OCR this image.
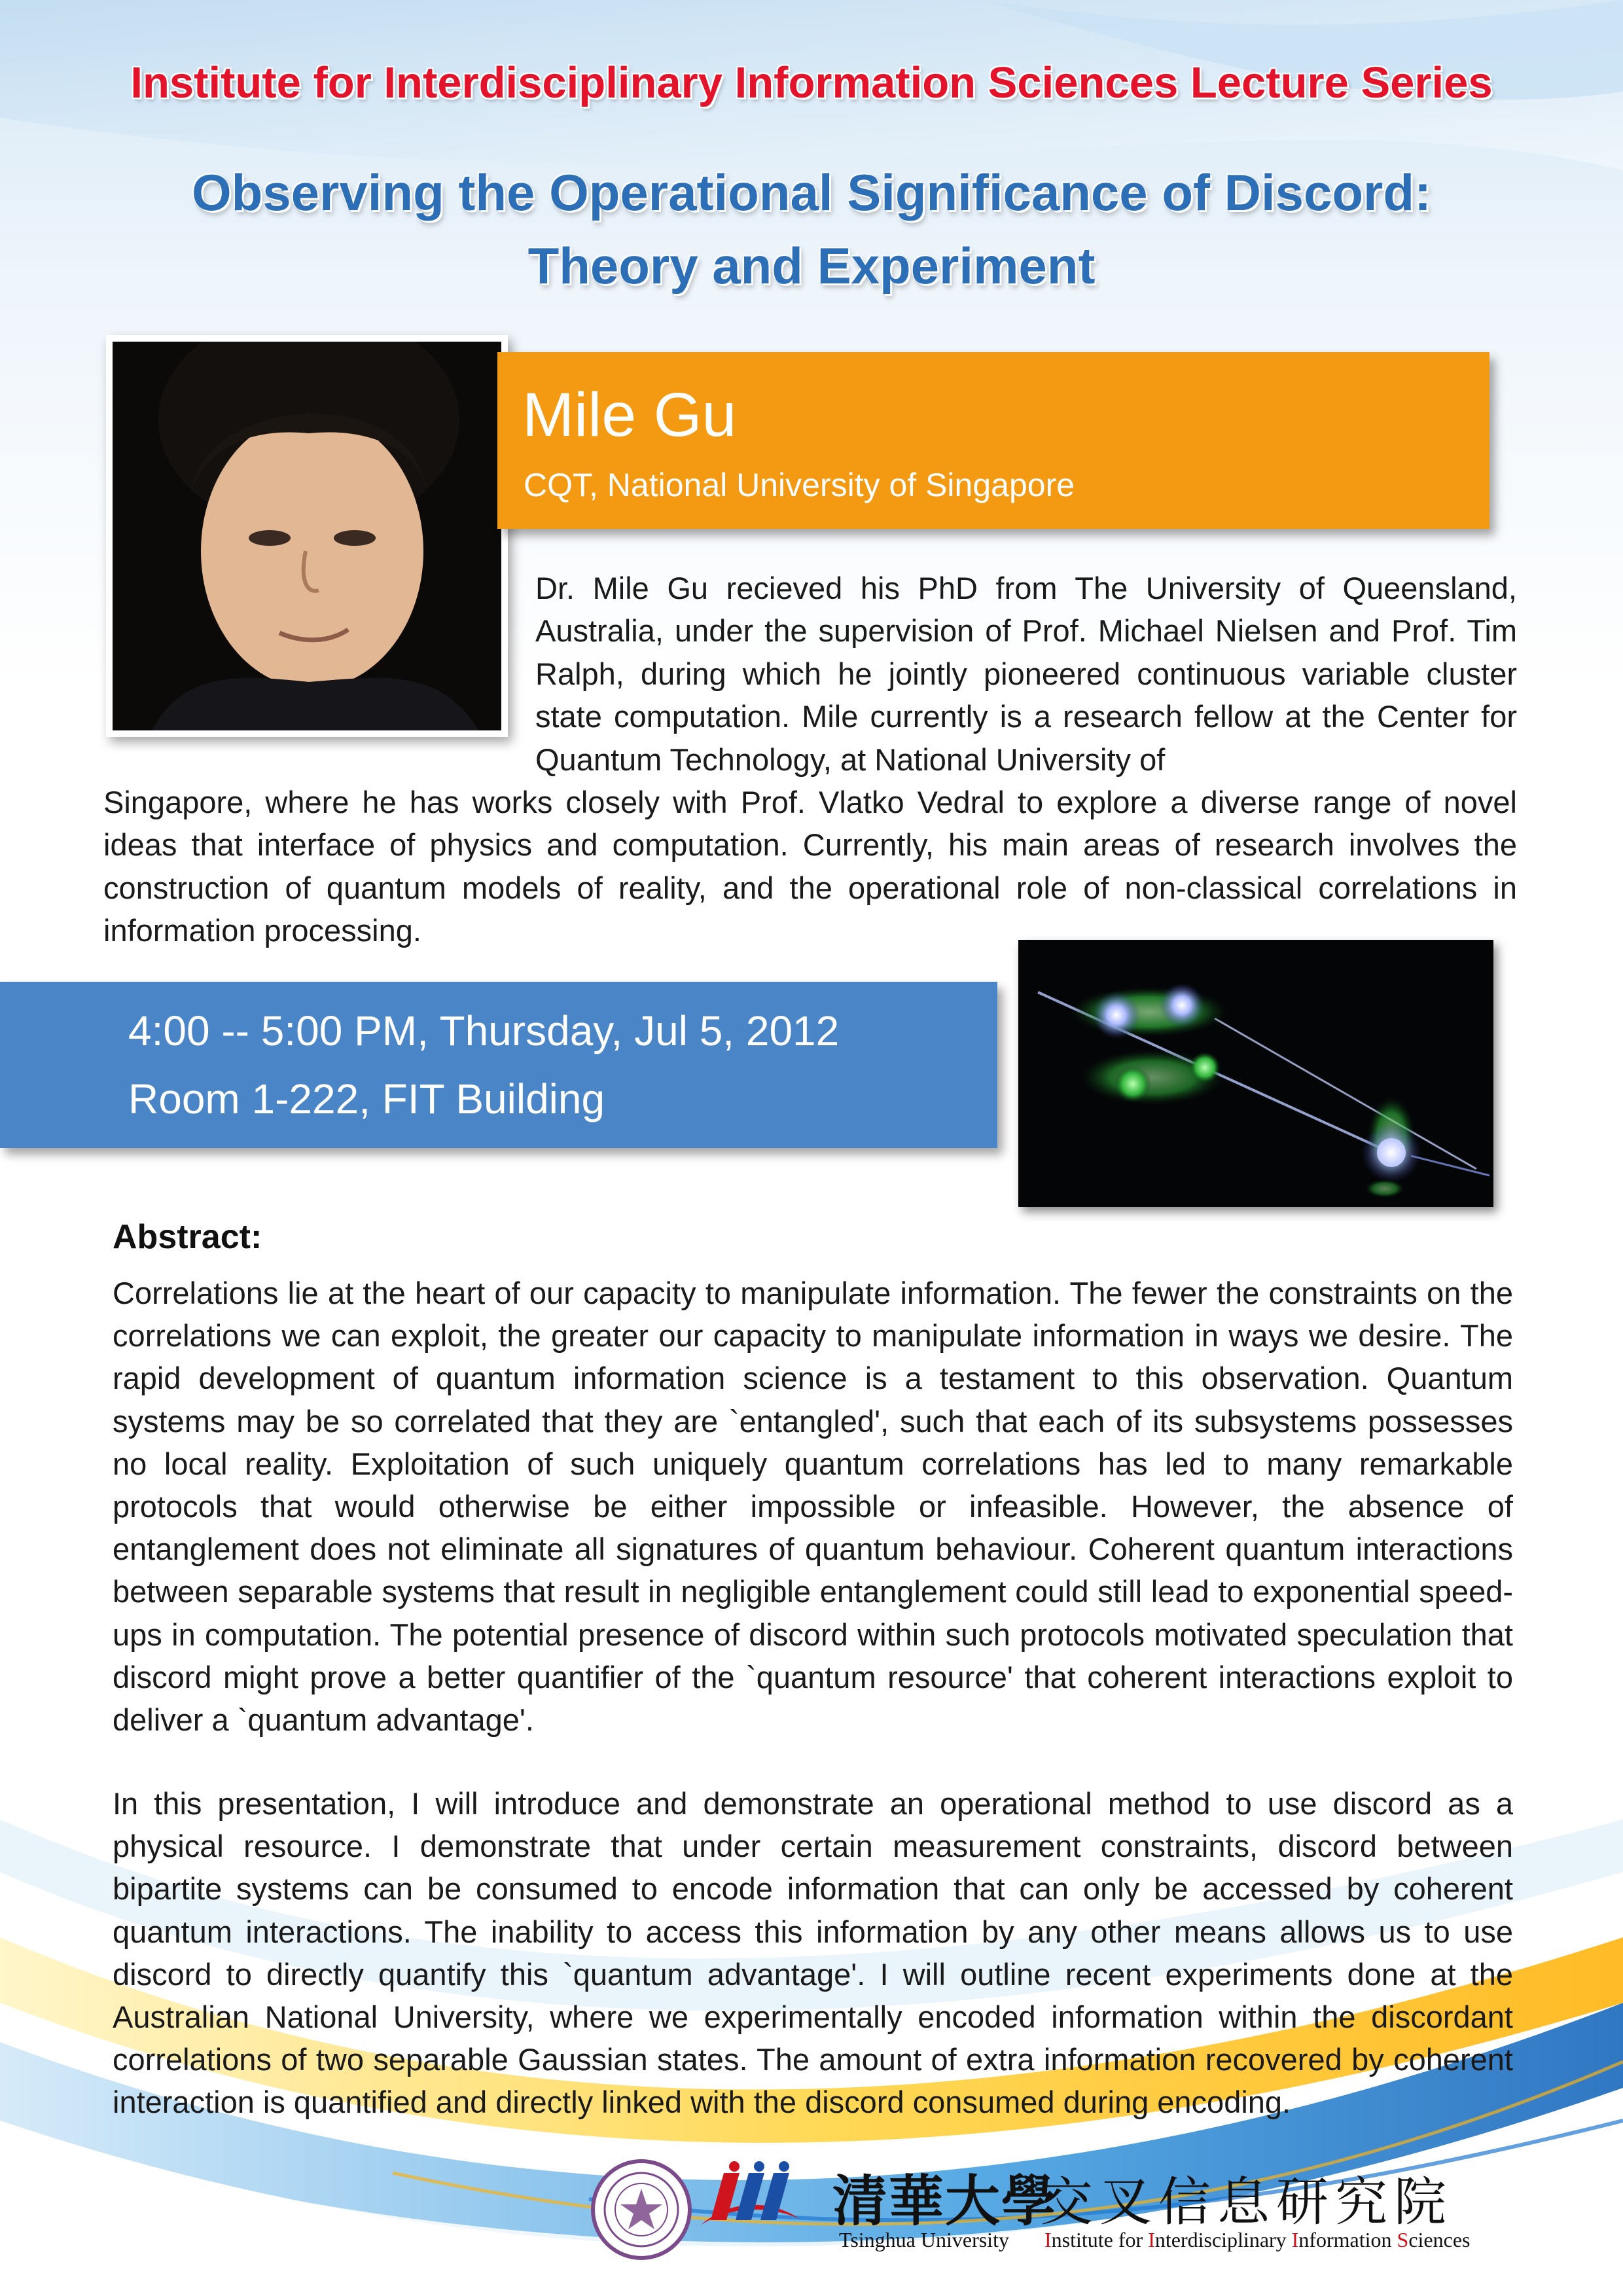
Institute for Interdisciplinary Information Sciences Lecture Series
Observing the Operational Significance of Discord:
Theory and Experiment
Mile Gu
CQT, National University of Singapore
Dr. Mile Gu recieved his PhD from The University of Queensland, Australia, under the supervision of Prof. Michael Nielsen and Prof. Tim Ralph, during which he jointly pioneered continuous variable cluster state computation. Mile currently is a research fellow at the Center for Quantum Technology, at National University of
Singapore, where he has works closely with Prof. Vlatko Vedral to explore a diverse range of novel ideas that interface of physics and computation. Currently, his main areas of research involves the construction of quantum models of reality, and the operational role of non-classical correlations in information processing.
4:00 -- 5:00 PM, Thursday, Jul 5, 2012
Room 1-222, FIT Building
Abstract:
Correlations lie at the heart of our capacity to manipulate information. The fewer the constraints on the correlations we can exploit, the greater our capacity to manipulate information in ways we desire. The rapid development of quantum information science is a testament to this observation. Quantum systems may be so correlated that they are `entangled', such that each of its subsystems possesses no local reality. Exploitation of such uniquely quantum correlations has led to many remarkable protocols that would otherwise be either impossible or infeasible. However, the absence of entanglement does not eliminate all signatures of quantum behaviour. Coherent quantum interactions between separable systems that result in negligible entanglement could still lead to exponential speed-ups in computation. The potential presence of discord within such protocols motivated speculation that discord might prove a better quantifier of the `quantum resource' that coherent interactions exploit to deliver a `quantum advantage'.
In this presentation, I will introduce and demonstrate an operational method to use discord as a physical resource. I demonstrate that under certain measurement constraints, discord between bipartite systems can be consumed to encode information that can only be accessed by coherent quantum interactions. The inability to access this information by any other means allows us to use discord to directly quantify this `quantum advantage'. I will outline recent experiments done at the Australian National University, where we experimentally encoded information within the discordant correlations of two separable Gaussian states. The amount of extra information recovered by coherent interaction is quantified and directly linked with the discord consumed during encoding.
清華大學
交叉信息研究院
Tsinghua University Institute for Interdisciplinary Information Sciences
